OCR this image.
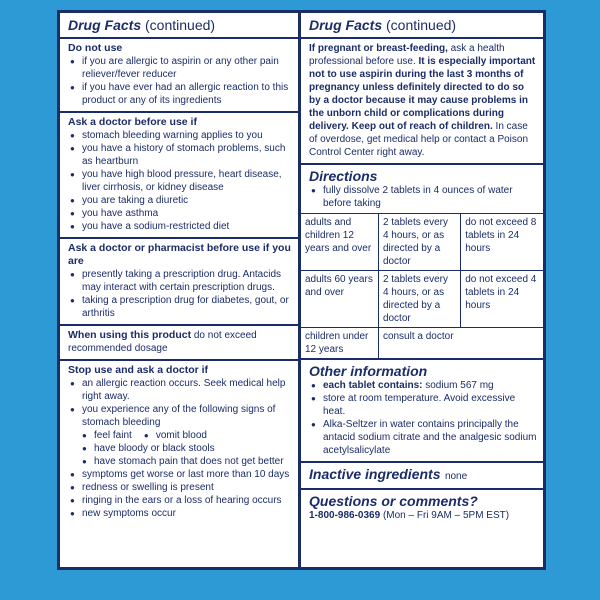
Drug Facts (continued)
Do not use
● if you are allergic to aspirin or any other pain reliever/fever reducer
● if you have ever had an allergic reaction to this product or any of its ingredients
Ask a doctor before use if
● stomach bleeding warning applies to you
● you have a history of stomach problems, such as heartburn
● you have high blood pressure, heart disease, liver cirrhosis, or kidney disease
● you are taking a diuretic
● you have asthma
● you have a sodium-restricted diet
Ask a doctor or pharmacist before use if you are
● presently taking a prescription drug. Antacids may interact with certain prescription drugs.
● taking a prescription drug for diabetes, gout, or arthritis
When using this product do not exceed recommended dosage
Stop use and ask a doctor if
● an allergic reaction occurs. Seek medical help right away.
● you experience any of the following signs of stomach bleeding
● feel faint	● vomit blood
● have bloody or black stools
● have stomach pain that does not get better
● symptoms get worse or last more than 10 days
● redness or swelling is present
● ringing in the ears or a loss of hearing occurs
● new symptoms occur
Drug Facts (continued)
If pregnant or breast-feeding, ask a health professional before use. It is especially important not to use aspirin during the last 3 months of pregnancy unless definitely directed to do so by a doctor because it may cause problems in the unborn child or complications during delivery. Keep out of reach of children. In case of overdose, get medical help or contact a Poison Control Center right away.
Directions
● fully dissolve 2 tablets in 4 ounces of water before taking
adults and children 12 years and over	2 tablets every 4 hours, or as directed by a doctor	do not exceed 8 tablets in 24 hours
adults 60 years and over	2 tablets every 4 hours, or as directed by a doctor	do not exceed 4 tablets in 24 hours
children under 12 years	consult a doctor	
Other information
● each tablet contains: sodium 567 mg
● store at room temperature. Avoid excessive heat.
● Alka-Seltzer in water contains principally the antacid sodium citrate and the analgesic sodium acetylsalicylate
Inactive ingredients none
Questions or comments?
1-800-986-0369 (Mon – Fri 9AM – 5PM EST)
